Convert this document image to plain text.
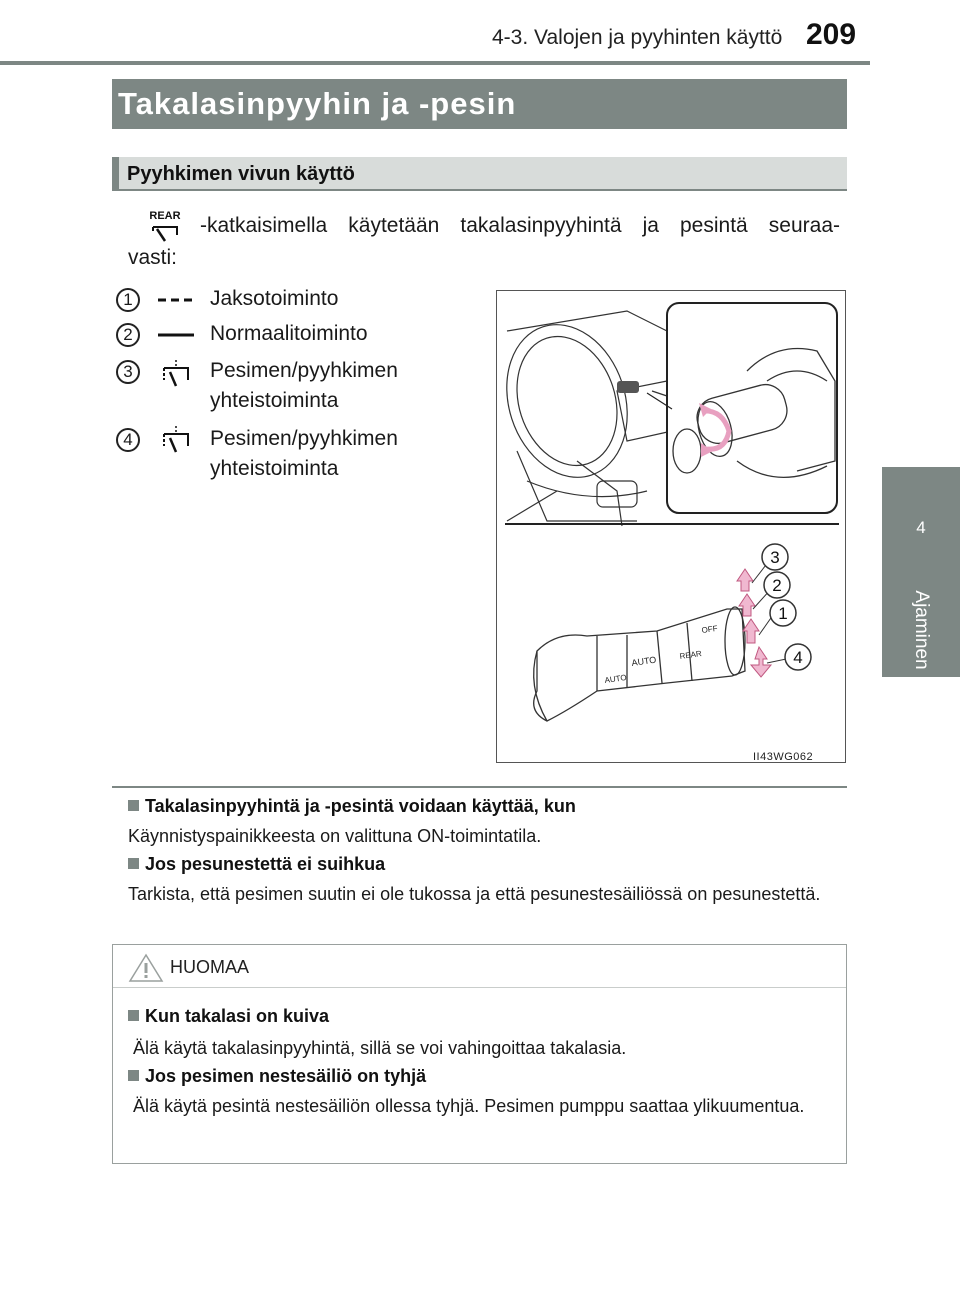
4-3. Valojen ja pyyhinten käyttö 209
4
Ajaminen
Takalasinpyyhin ja -pesin
Pyyhkimen vivun käyttö
REAR -katkaisimella käytetään takalasinpyyhintä ja pesintä seuraa-
vasti:
1	Jaksotoiminto
2	Normaalitoiminto
3	Pesimen/pyyhkimen yhteistoiminta
4	Pesimen/pyyhkimen yhteistoiminta
AUTO
AUTO
REAR
OFF
3
2
1
4
II43WG062
Takalasinpyyhintä ja -pesintä voidaan käyttää, kun
Käynnistyspainikkeesta on valittuna ON-toimintatila.
Jos pesunestettä ei suihkua
Tarkista, että pesimen suutin ei ole tukossa ja että pesunestesäiliössä on pesunestettä.
HUOMAA
Kun takalasi on kuiva
Älä käytä takalasinpyyhintä, sillä se voi vahingoittaa takalasia.
Jos pesimen nestesäiliö on tyhjä
Älä käytä pesintä nestesäiliön ollessa tyhjä. Pesimen pumppu saattaa ylikuumentua.
